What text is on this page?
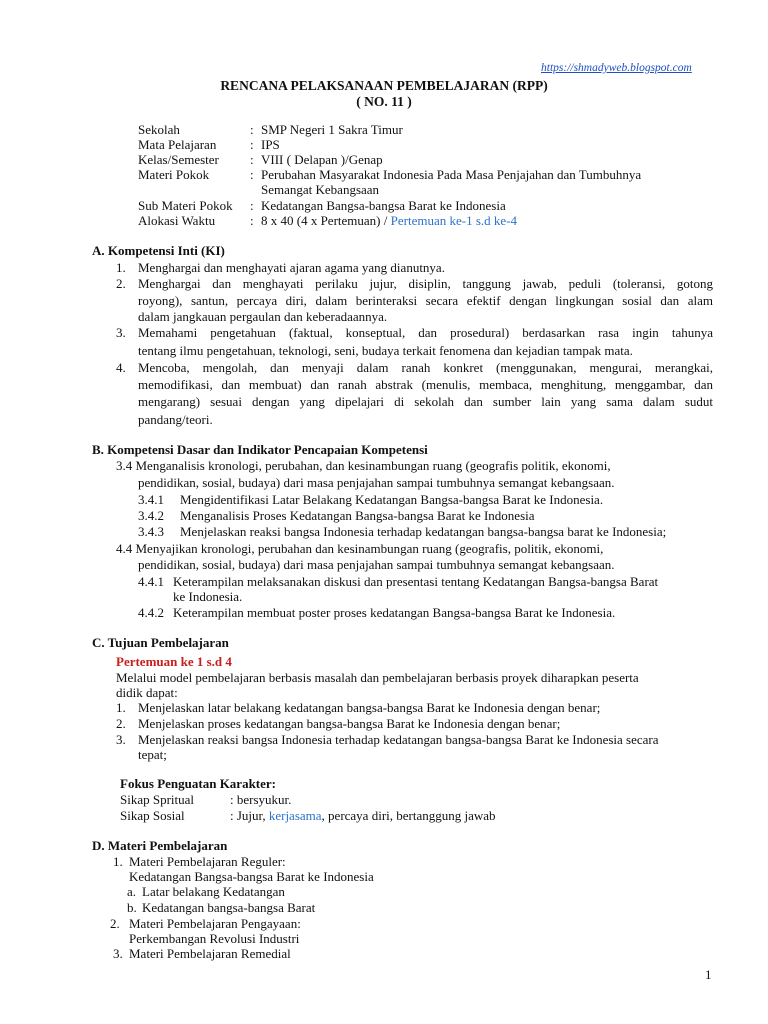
https://shmadyweb.blogspot.com
RENCANA PELAKSANAAN PEMBELAJARAN (RPP)
( NO. 11 )
Sekolah	: SMP Negeri 1 Sakra Timur
Mata Pelajaran	: IPS
Kelas/Semester : VIII ( Delapan )/Genap
Materi Pokok	: Perubahan Masyarakat Indonesia Pada Masa Penjajahan dan Tumbuhnya
Semangat Kebangsaan
Sub Materi Pokok : Kedatangan Bangsa-bangsa Barat ke Indonesia
Alokasi Waktu	: 8 x 40 (4 x Pertemuan) / Pertemuan ke-1 s.d ke-4
A. Kompetensi Inti (KI)
1. Menghargai dan menghayati ajaran agama yang dianutnya.
2. Menghargai dan menghayati perilaku jujur, disiplin, tanggung jawab, peduli (toleransi, gotong
royong), santun, percaya diri, dalam berinteraksi secara efektif dengan lingkungan sosial dan alam
dalam jangkauan pergaulan dan keberadaannya.
3. Memahami pengetahuan (faktual, konseptual, dan prosedural) berdasarkan rasa ingin tahunya
tentang ilmu pengetahuan, teknologi, seni, budaya terkait fenomena dan kejadian tampak mata.
4. Mencoba, mengolah, dan menyaji dalam ranah konkret (menggunakan, mengurai, merangkai,
memodifikasi, dan membuat) dan ranah abstrak (menulis, membaca, menghitung, menggambar, dan
mengarang) sesuai dengan yang dipelajari di sekolah dan sumber lain yang sama dalam sudut
pandang/teori.
B. Kompetensi Dasar dan Indikator Pencapaian Kompetensi
3.4 Menganalisis kronologi, perubahan, dan kesinambungan ruang (geografis politik, ekonomi,
pendidikan, sosial, budaya) dari masa penjajahan sampai tumbuhnya semangat kebangsaan.
3.4.1 Mengidentifikasi Latar Belakang Kedatangan Bangsa-bangsa Barat ke Indonesia.
3.4.2 Menganalisis Proses Kedatangan Bangsa-bangsa Barat ke Indonesia
3.4.3 Menjelaskan reaksi bangsa Indonesia terhadap kedatangan bangsa-bangsa barat ke Indonesia;
4.4 Menyajikan kronologi, perubahan dan kesinambungan ruang (geografis, politik, ekonomi,
pendidikan, sosial, budaya) dari masa penjajahan sampai tumbuhnya semangat kebangsaan.
4.4.1 Keterampilan melaksanakan diskusi dan presentasi tentang Kedatangan Bangsa-bangsa Barat
ke Indonesia.
4.4.2 Keterampilan membuat poster proses kedatangan Bangsa-bangsa Barat ke Indonesia.
C. Tujuan Pembelajaran
Pertemuan ke 1 s.d 4
Melalui model pembelajaran berbasis masalah dan pembelajaran berbasis proyek diharapkan peserta
didik dapat:
1. Menjelaskan latar belakang kedatangan bangsa-bangsa Barat ke Indonesia dengan benar;
2. Menjelaskan proses kedatangan bangsa-bangsa Barat ke Indonesia dengan benar;
3. Menjelaskan reaksi bangsa Indonesia terhadap kedatangan bangsa-bangsa Barat ke Indonesia secara
tepat;
Fokus Penguatan Karakter:
Sikap Spritual	: bersyukur.
Sikap Sosial	: Jujur, kerjasama, percaya diri, bertanggung jawab
D. Materi Pembelajaran
1. Materi Pembelajaran Reguler:
Kedatangan Bangsa-bangsa Barat ke Indonesia
a. Latar belakang Kedatangan
b. Kedatangan bangsa-bangsa Barat
2. Materi Pembelajaran Pengayaan:
Perkembangan Revolusi Industri
3. Materi Pembelajaran Remedial
1
